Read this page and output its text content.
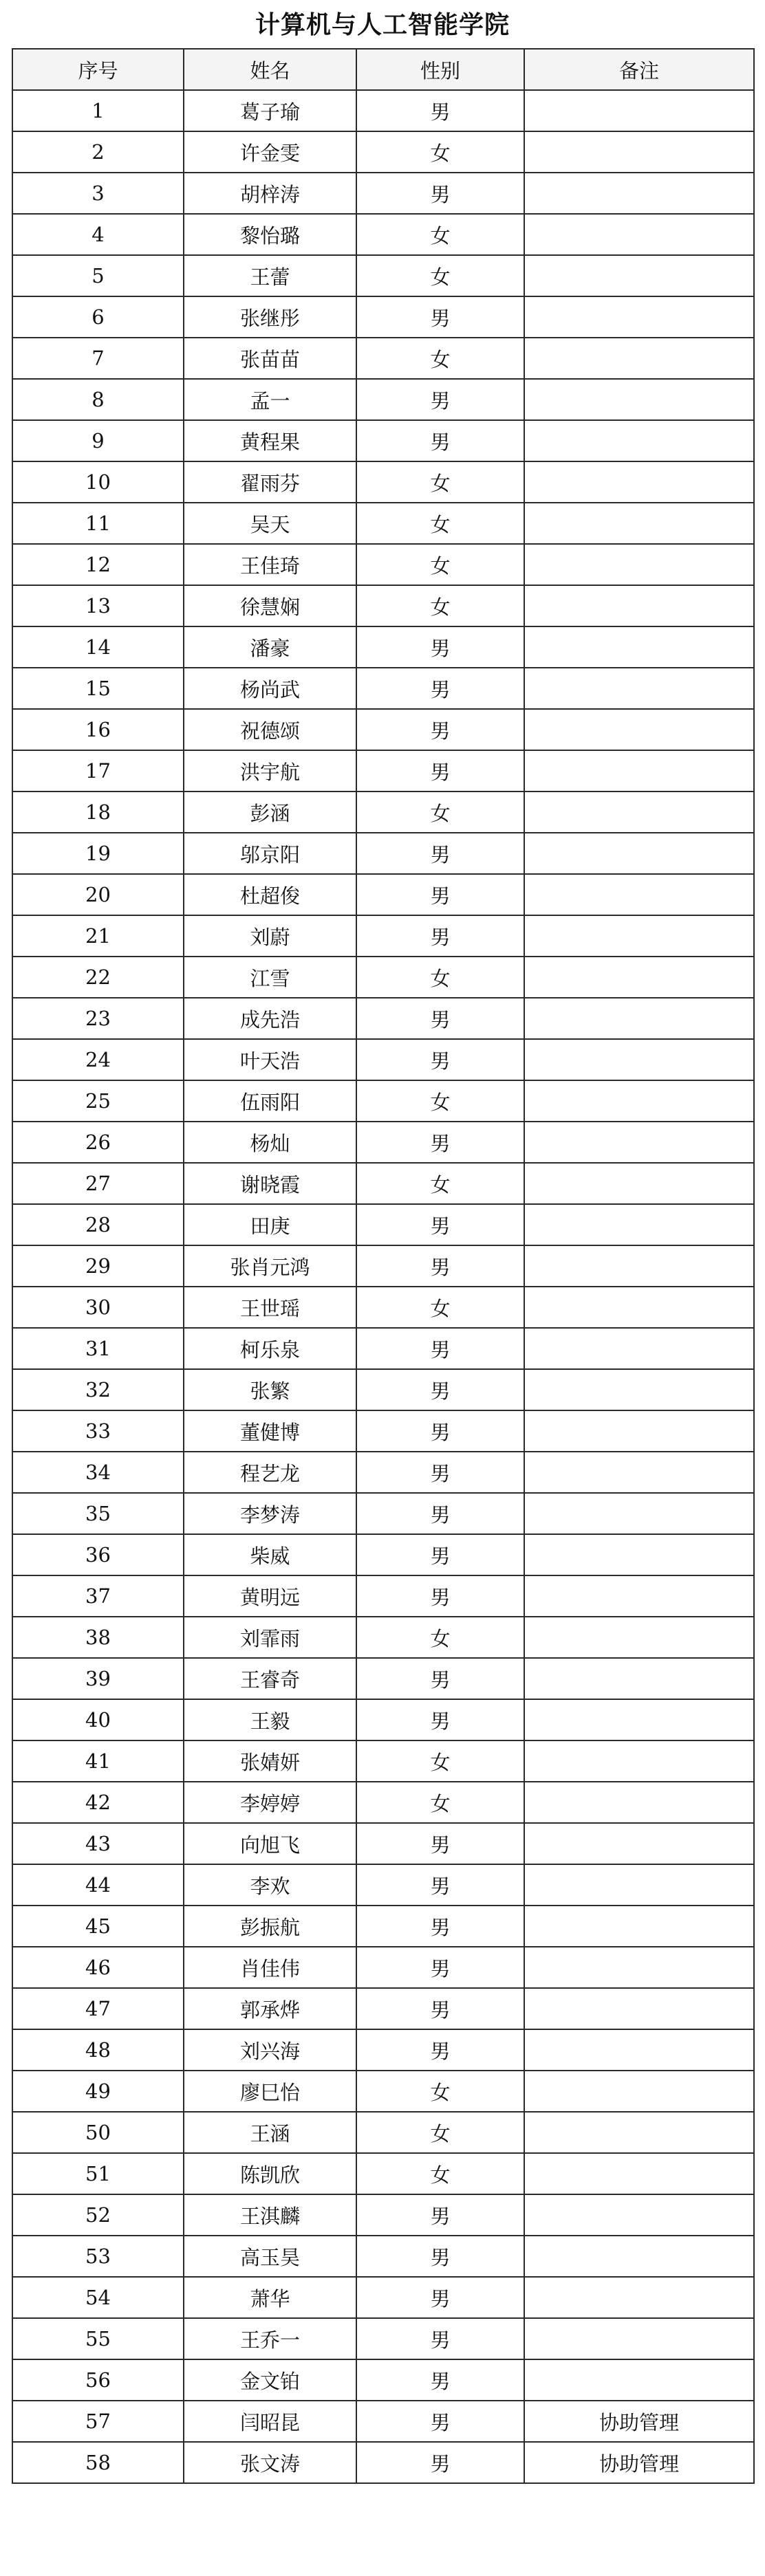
计算机与人工智能学院
序号	姓名	性别	备注
1	葛子瑜	男	
2	许金雯	女	
3	胡梓涛	男	
4	黎怡璐	女	
5	王蕾	女	
6	张继彤	男	
7	张苗苗	女	
8	孟一	男	
9	黄程果	男	
10	翟雨芬	女	
11	吴天	女	
12	王佳琦	女	
13	徐慧娴	女	
14	潘豪	男	
15	杨尚武	男	
16	祝德颂	男	
17	洪宇航	男	
18	彭涵	女	
19	邬京阳	男	
20	杜超俊	男	
21	刘蔚	男	
22	江雪	女	
23	成先浩	男	
24	叶天浩	男	
25	伍雨阳	女	
26	杨灿	男	
27	谢晓霞	女	
28	田庚	男	
29	张肖元鸿	男	
30	王世瑶	女	
31	柯乐泉	男	
32	张繁	男	
33	董健博	男	
34	程艺龙	男	
35	李梦涛	男	
36	柴威	男	
37	黄明远	男	
38	刘霏雨	女	
39	王睿奇	男	
40	王毅	男	
41	张婧妍	女	
42	李婷婷	女	
43	向旭飞	男	
44	李欢	男	
45	彭振航	男	
46	肖佳伟	男	
47	郭承烨	男	
48	刘兴海	男	
49	廖巳怡	女	
50	王涵	女	
51	陈凯欣	女	
52	王淇麟	男	
53	高玉昊	男	
54	萧华	男	
55	王乔一	男	
56	金文铂	男	
57	闫昭昆	男	协助管理
58	张文涛	男	协助管理
